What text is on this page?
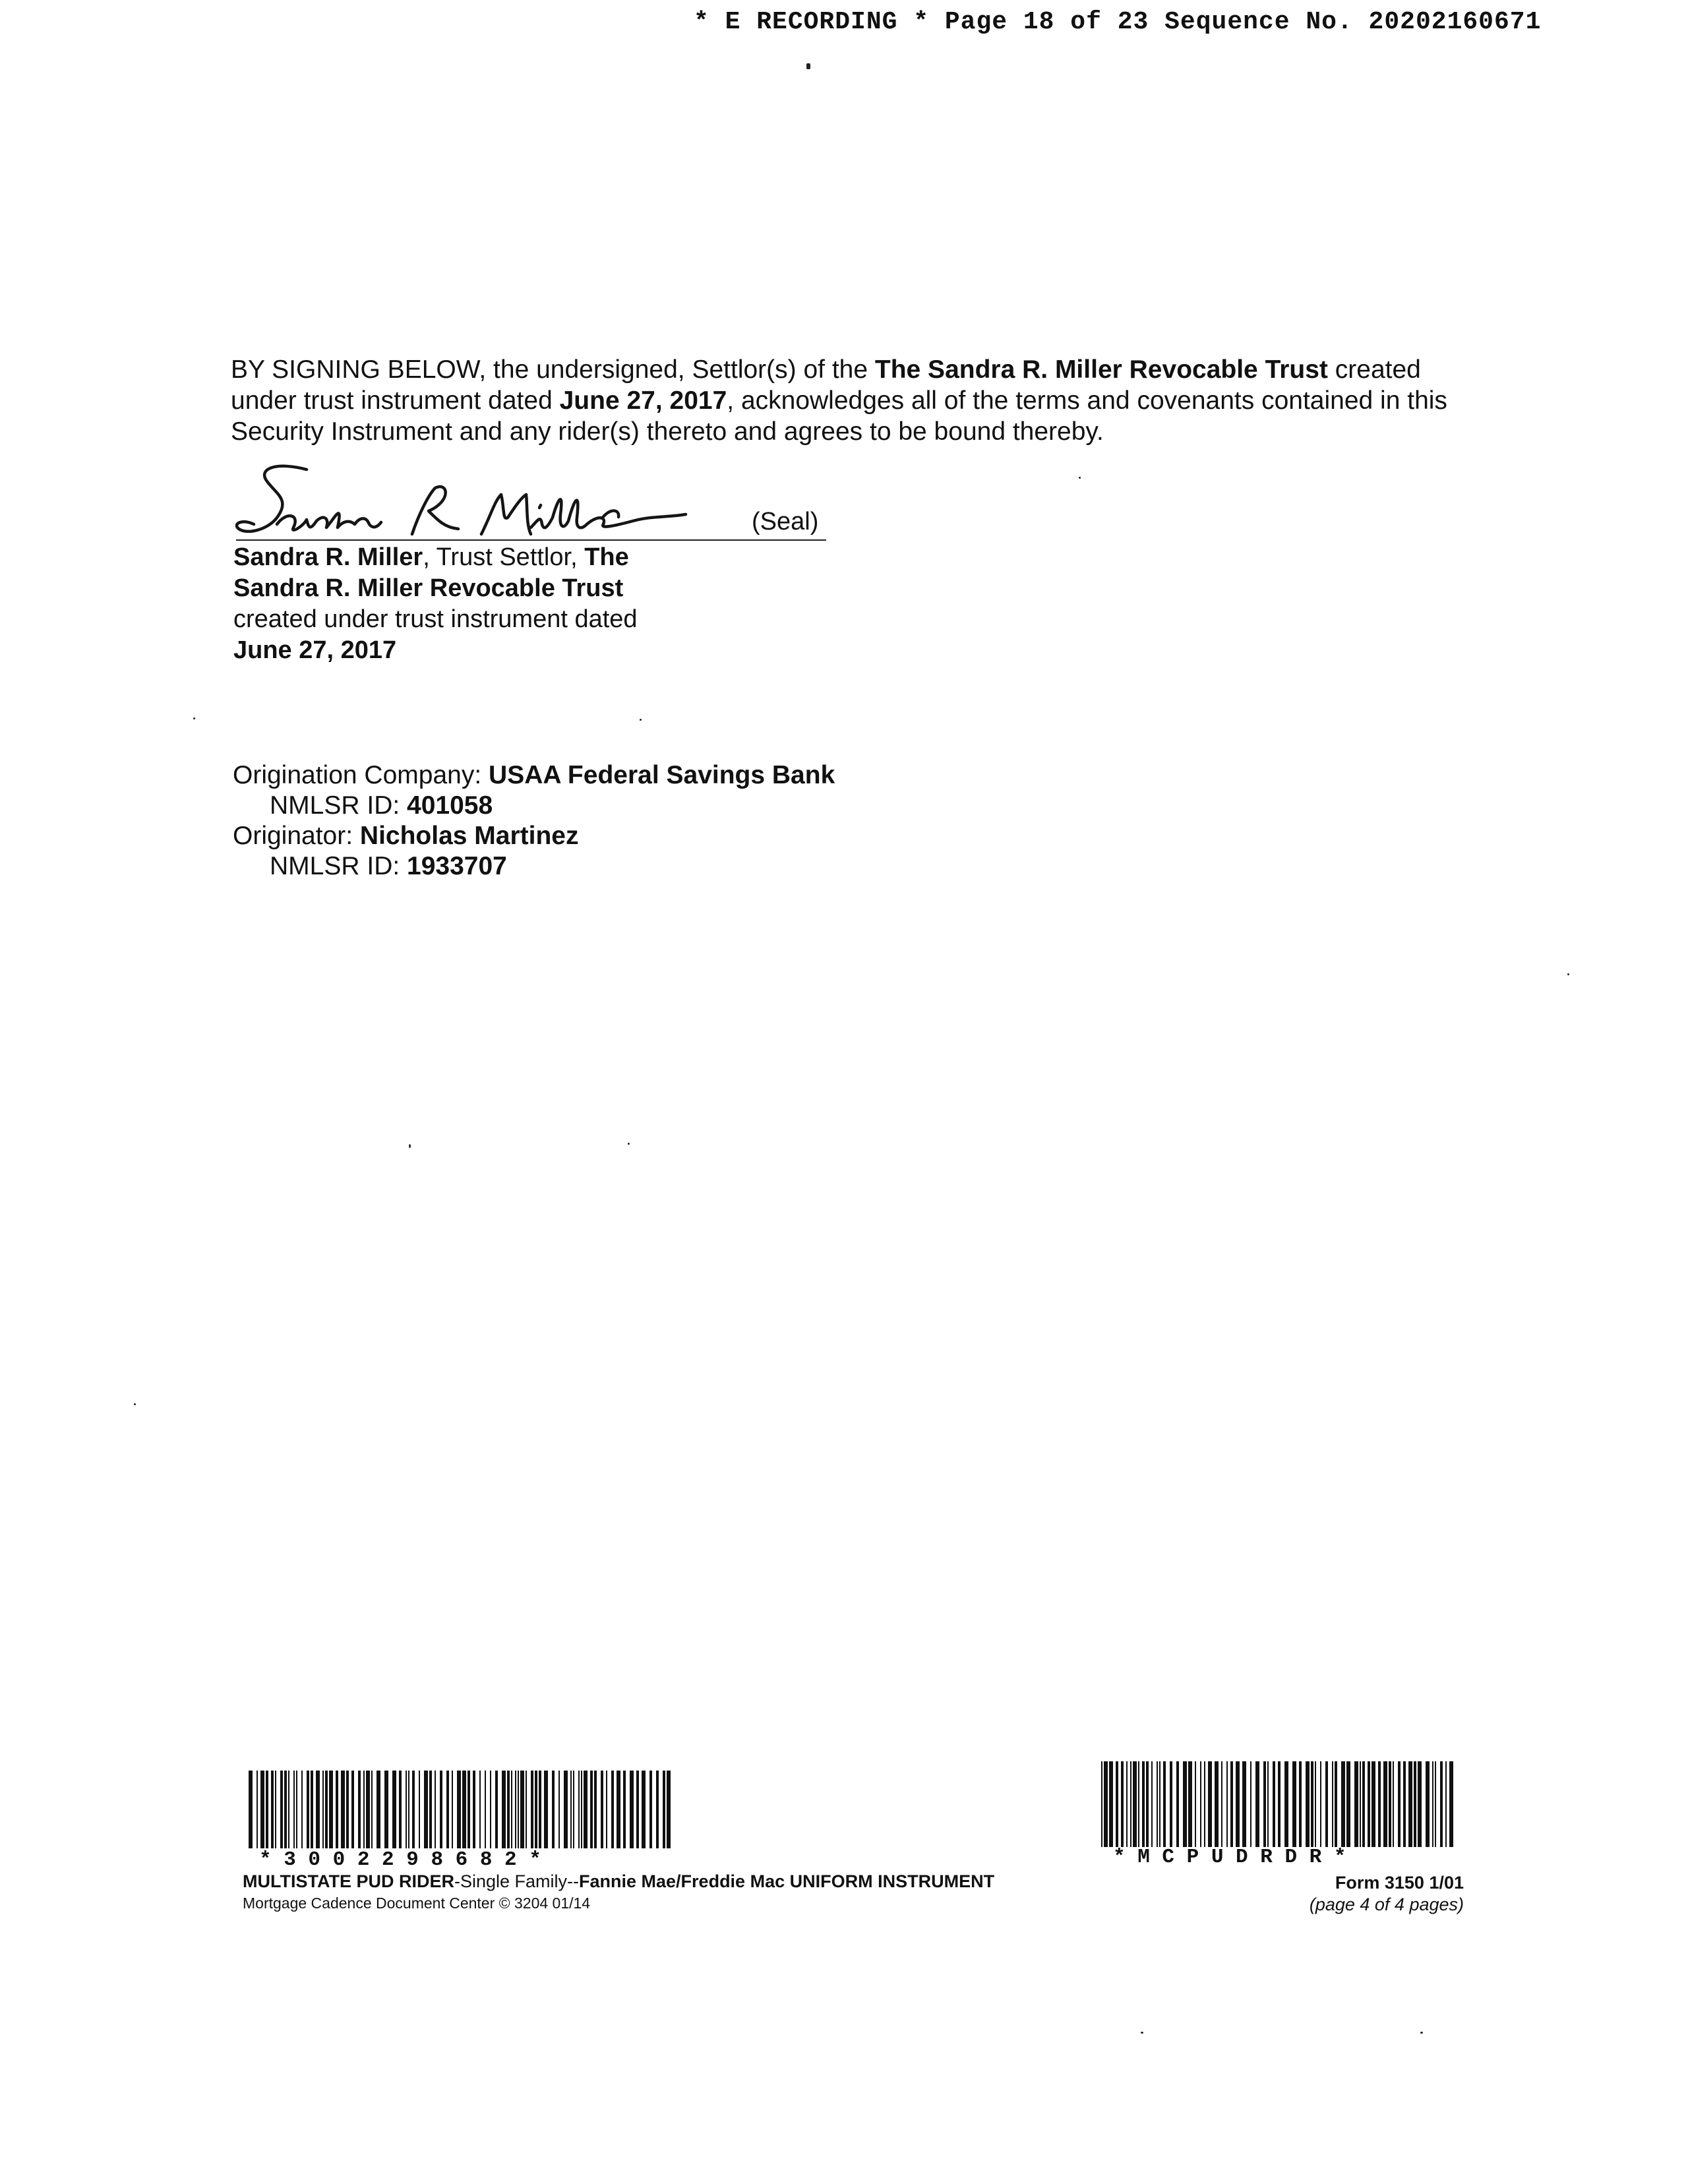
* E RECORDING * Page 18 of 23 Sequence No. 20202160671
BY SIGNING BELOW, the undersigned, Settlor(s) of the The Sandra R. Miller Revocable Trust created under trust instrument dated June 27, 2017, acknowledges all of the terms and covenants contained in this Security Instrument and any rider(s) thereto and agrees to be bound thereby.
(Seal)
Sandra R. Miller, Trust Settlor, The
Sandra R. Miller Revocable Trust
created under trust instrument dated
June 27, 2017
Origination Company: USAA Federal Savings Bank
NMLSR ID: 401058
Originator: Nicholas Martinez
NMLSR ID: 1933707
* 3 0 0 2 2 9 8 6 8 2 *	* M C P U D R D R *
MULTISTATE PUD RIDER-Single Family--Fannie Mae/Freddie Mac UNIFORM INSTRUMENT
Mortgage Cadence Document Center © 3204 01/14
Form 3150 1/01
(page 4 of 4 pages)
